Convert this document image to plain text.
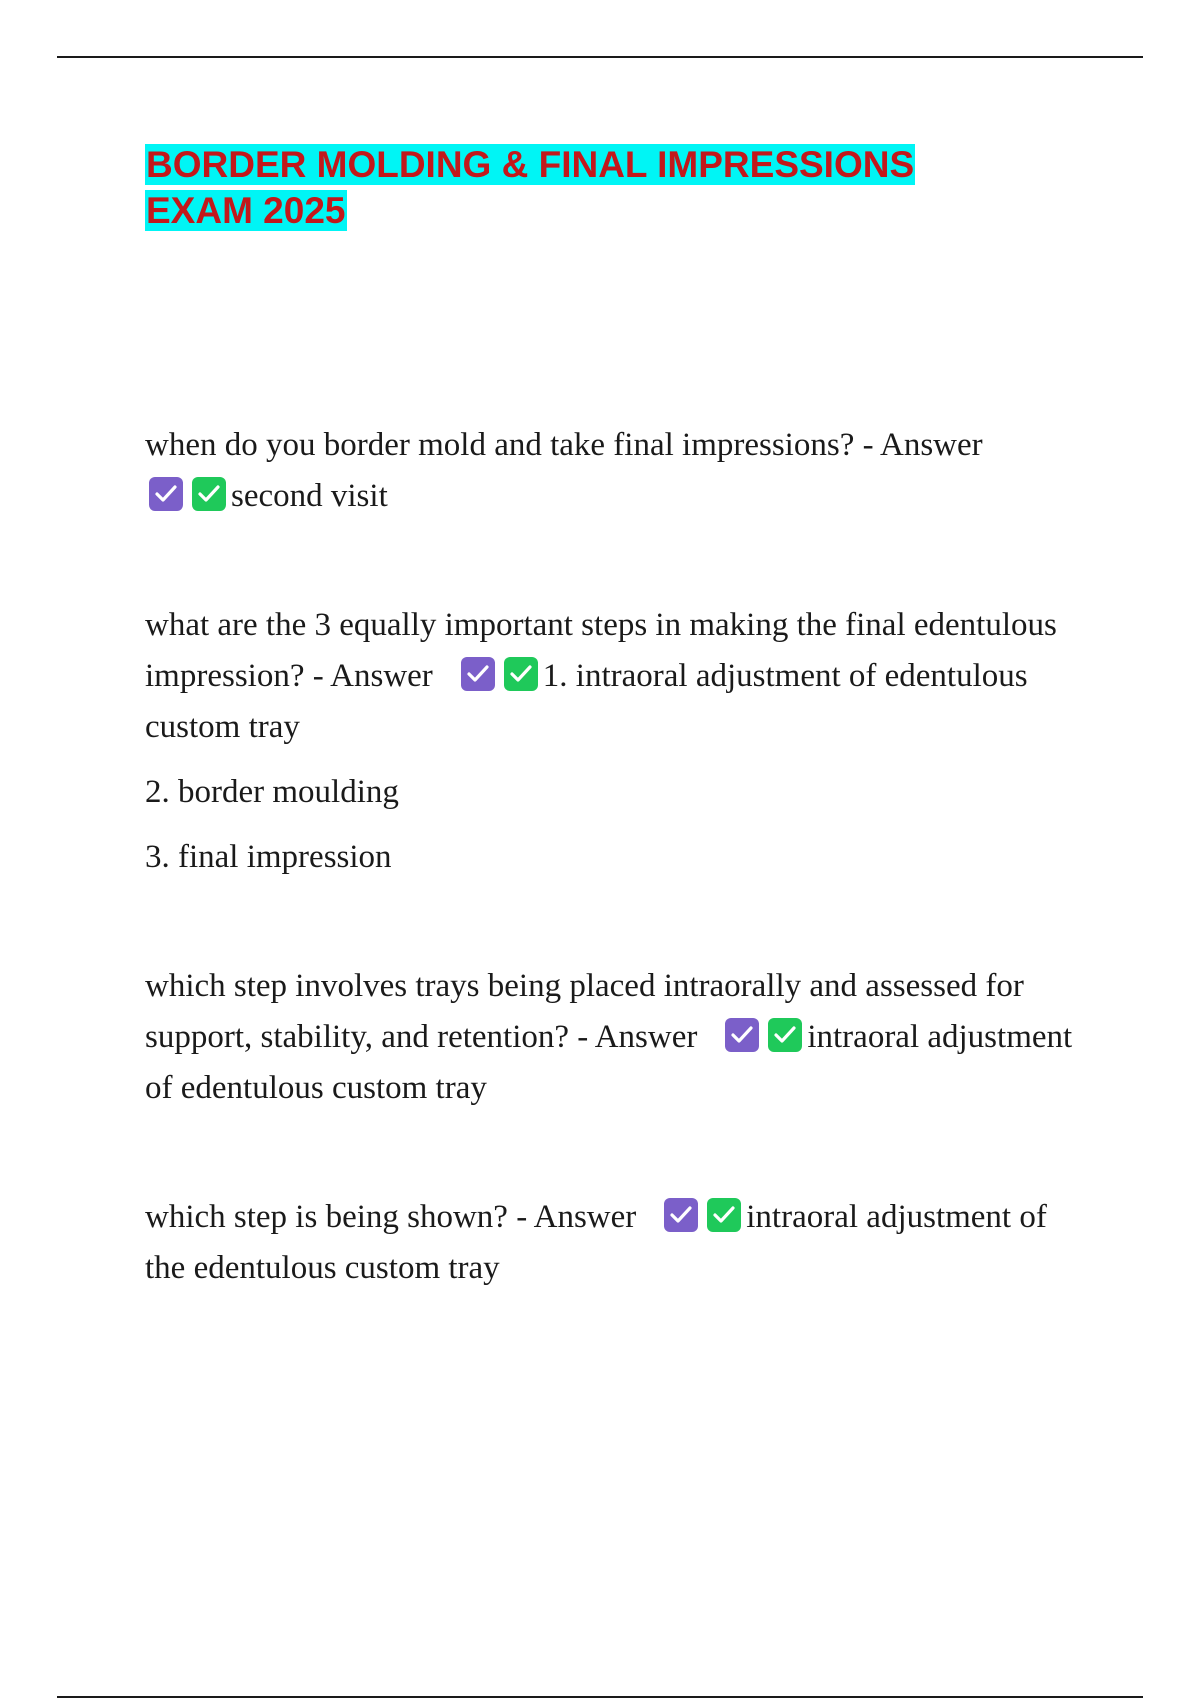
BORDER MOLDING & FINAL IMPRESSIONS
EXAM 2025

when do you border mold and take final impressions? - Answer

second visit

what are the 3 equally important steps in making the final edentulous impression? - Answer	1. intraoral adjustment of edentulous custom tray

2. border moulding

3. final impression

which step involves trays being placed intraorally and assessed for support, stability, and retention? - Answer	intraoral adjustment of edentulous custom tray

which step is being shown? - Answer	intraoral adjustment of the edentulous custom tray
